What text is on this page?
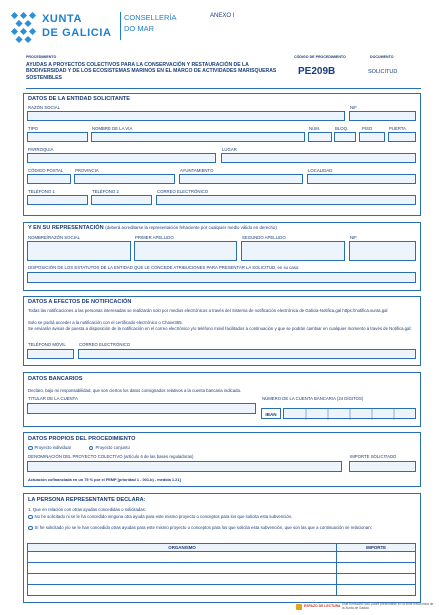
XUNTA
DE GALICIA
CONSELLERÍA
DO MAR
ANEXO I
PROCEDIMIENTO
AYUDAS A PROYECTOS COLECTIVOS PARA LA CONSERVACIÓN Y RESTAURACIÓN DE LA BIODIVERSIDAD Y DE LOS ECOSISTEMAS MARINOS EN EL MARCO DE ACTIVIDADES MARISQUERAS SOSTENIBLES
CÓDIGO DE PROCEDIMIENTO
PE209B
DOCUMENTO
SOLICITUD
DATOS DE LA ENTIDAD SOLICITANTE
RAZÓN SOCIAL	NIF
TIPO	NOMBRE DE LA VÍA	NÚM.	BLOQ.	PISO	PUERTA
PARROQUIA	LUGAR
CÓDIGO POSTAL	PROVINCIA	AYUNTAMIENTO	LOCALIDAD
TELÉFONO 1	TELÉFONO 2	CORREO ELECTRÓNICO
Y EN SU REPRESENTACIÓN (deberá acreditarse la representación fehaciente por cualquier medio válido en derecho)
NOMBRE/RAZÓN SOCIAL	PRIMER APELLIDO	SEGUNDO APELLIDO	NIF
DISPOSICIÓN DE LOS ESTATUTOS DE LA ENTIDAD QUE LE CONCEDE ATRIBUCIONES PARA PRESENTAR LA SOLICITUD, en su caso:
DATOS A EFECTOS DE NOTIFICACIÓN
Todas las notificaciones a las personas interesadas se realizarán solo por medios electrónicos a través del Sistema de notificación electrónica de Galicia-Notifica.gal https://notifica.xunta.gal
Solo se podrá acceder a la notificación con el certificado electrónico o Chave365.
Se enviarán avisos de puesta a disposición de la notificación en el correo electrónico y/o teléfono móvil facilitados a continuación y que se podrán cambiar en cualquier momento a través de Notifica.gal:
TELÉFONO MÓVIL	CORREO ELECTRÓNICO
DATOS BANCARIOS
Declaro, bajo mi responsabilidad, que son ciertos los datos consignados relativos a la cuenta bancaria indicada.
TITULAR DE LA CUENTA	NÚMERO DE LA CUENTA BANCARIA (24 DÍGITOS)
IBAN
DATOS PROPIOS DEL PROCEDIMIENTO
Proyecto individual	Proyecto conjunto
DENOMINACIÓN DEL PROYECTO COLECTIVO (artículo 6 de las bases reguladoras)	IMPORTE SOLICITADO
Actuación cofinanciada en un 75 % por el FEMP [prioridad 1 - 001.b) - medida 1.21]
LA PERSONA REPRESENTANTE DECLARA:
1. Que en relación con otras ayudas concedidas o solicitadas:
No he solicitado ni se le ha concedido ninguna otra ayuda para este mismo proyecto o conceptos para los que solicita esta subvención.
Sí he solicitado y/o se le han concedido otras ayudas para este mismo proyecto o conceptos para los que solicita esta subvención, que son las que a continuación se relacionan:
ORGANISMO	IMPORTE

ESPAZO DE LECTURA Este formulario solo podrá presentarse en la sede electrónica de la Xunta de Galicia
